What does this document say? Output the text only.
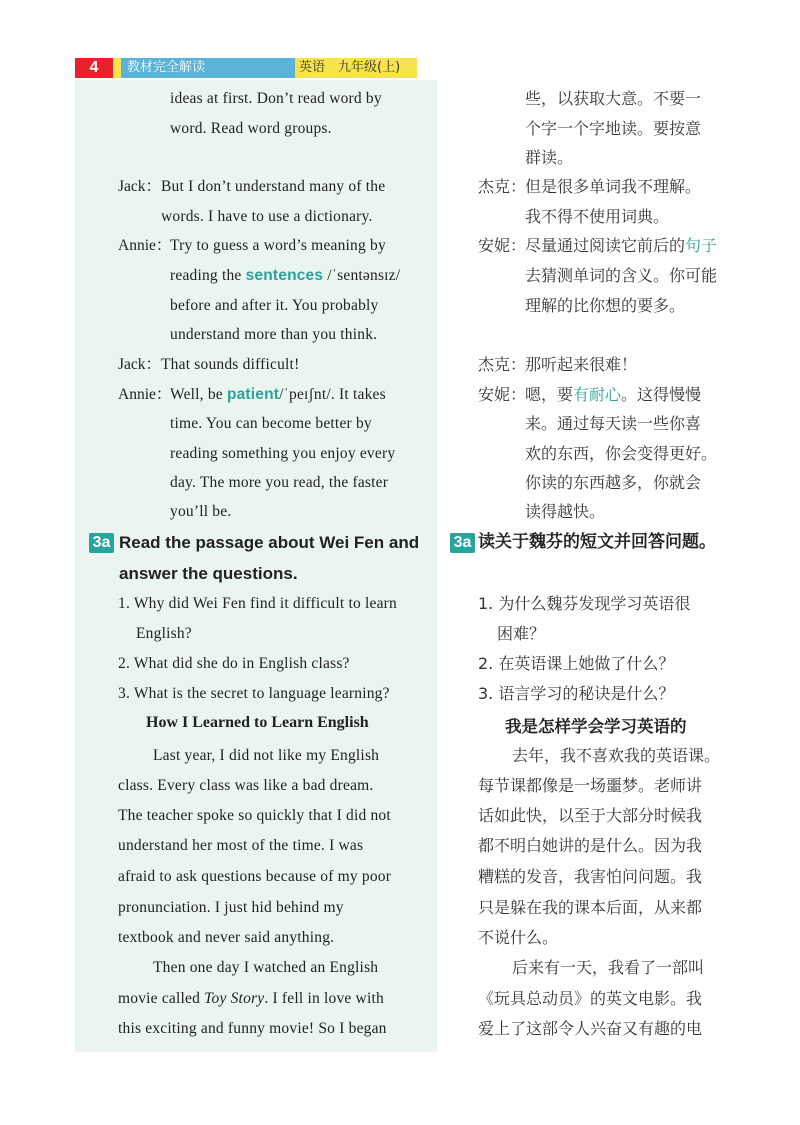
4	教材完全解读	英语　九年级(上)
ideas at first. Don’t read word by
word. Read word groups.
Jack： But I don’t understand many of the
words. I have to use a dictionary.
Annie：
Try to guess a word’s meaning by
reading the sentences /ˈsentənsɪz/
before and after it. You probably
understand more than you think.
Jack： That sounds difficult!
Annie：
Well, be patient/ˈpeɪʃnt/. It takes
time. You can become better by
reading something you enjoy every
day. The more you read, the faster
you’ll be.
3a Read the passage about Wei Fen and
answer the questions.
1. Why did Wei Fen find it difficult to learn
English?
2. What did she do in English class?
3. What is the secret to language learning?
How I Learned to Learn English
Last year, I did not like my English
class. Every class was like a bad dream.
The teacher spoke so quickly that I did not
understand her most of the time. I was
afraid to ask questions because of my poor
pronunciation. I just hid behind my
textbook and never said anything.
Then one day I watched an English
movie called Toy Story. I fell in love with
this exciting and funny movie! So I began
些，以获取大意。不要一
个字一个字地读。要按意
群读。
杰克：
但是很多单词我不理解。
我不得不使用词典。
安妮：
尽量通过阅读它前后的句子
去猜测单词的含义。你可能
理解的比你想的要多。
杰克：
那听起来很难！
安妮：
嗯，要有耐心。这得慢慢
来。通过每天读一些你喜
欢的东西，你会变得更好。
你读的东西越多，你就会
读得越快。
3a 读关于魏芬的短文并回答问题。
1. 为什么魏芬发现学习英语很
困难？
2. 在英语课上她做了什么？
3. 语言学习的秘诀是什么？
我是怎样学会学习英语的
去年，我不喜欢我的英语课。
每节课都像是一场噩梦。老师讲
话如此快，以至于大部分时候我
都不明白她讲的是什么。因为我
糟糕的发音，我害怕问问题。我
只是躲在我的课本后面，从来都
不说什么。
后来有一天，我看了一部叫
《玩具总动员》的英文电影。我
爱上了这部令人兴奋又有趣的电
